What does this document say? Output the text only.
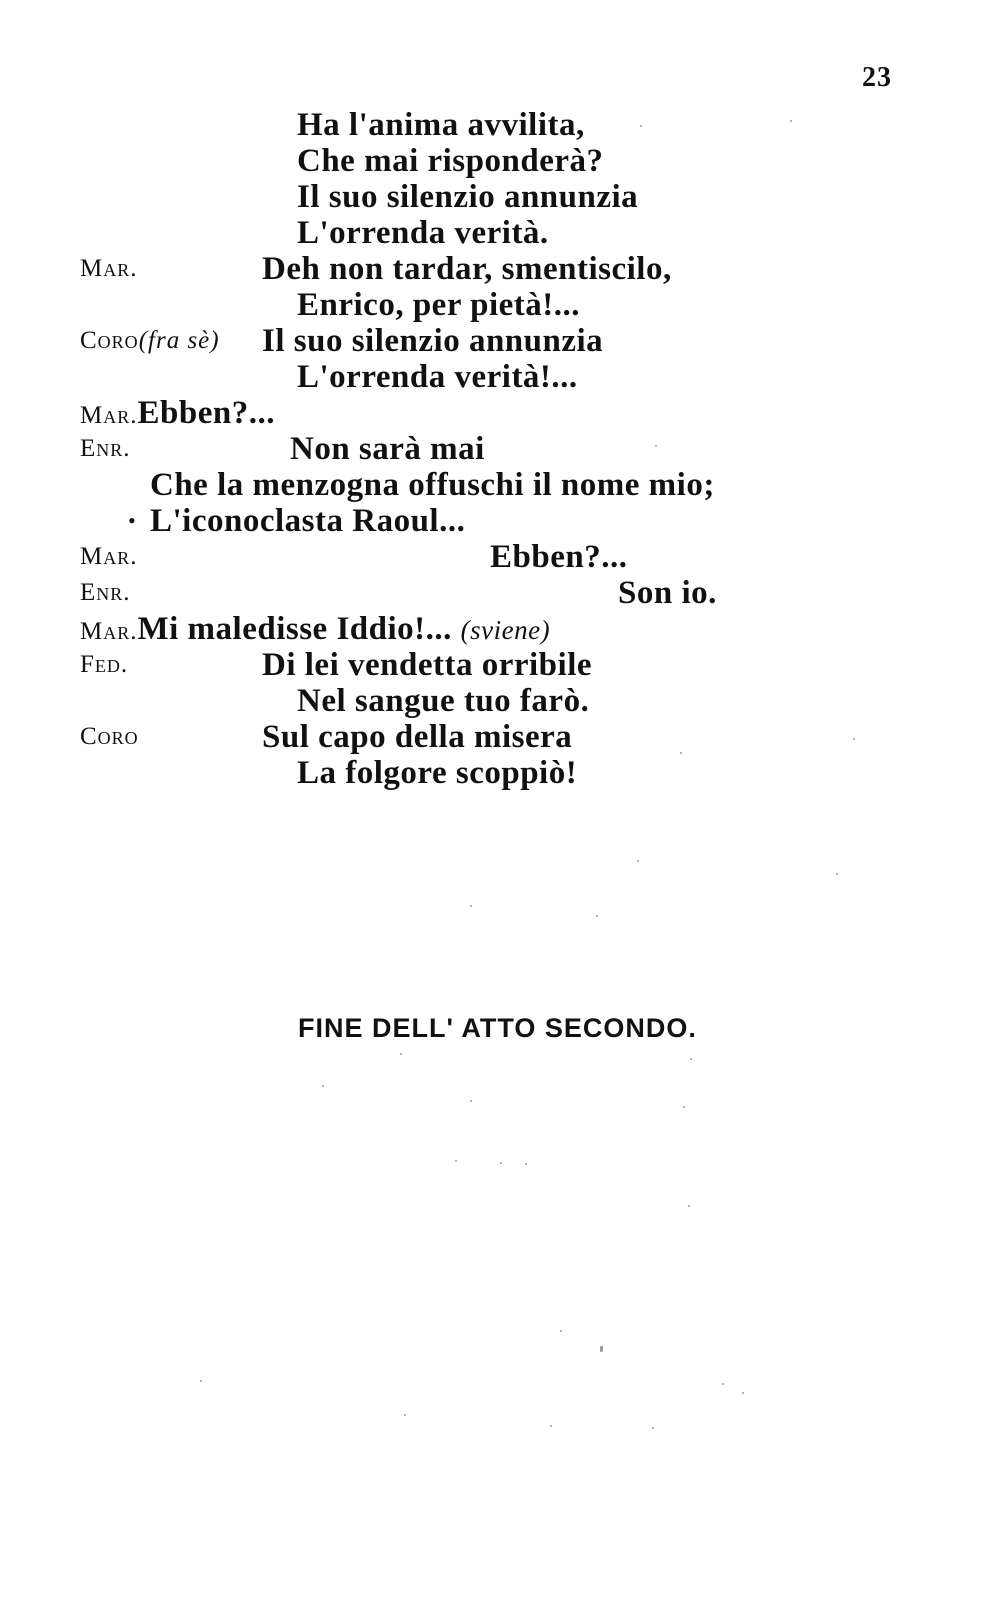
23
Ha l'anima avvilita,
Che mai risponderà?
Il suo silenzio annunzia
L'orrenda verità.
Mar.	Deh non tardar, smentiscilo,
Enrico, per pietà!...
Coro(fra sè) Il suo silenzio annunzia
L'orrenda verità!...
Mar.Ebben?...
Enr.	Non sarà mai
Che la menzogna offuschi il nome mio;
• L'iconoclasta Raoul...
Mar.	Ebben?...
Enr.	Son io.
Mar.Mi maledisse Iddio!... (sviene)
Fed.	Di lei vendetta orribile
Nel sangue tuo farò.
Coro	Sul capo della misera
La folgore scoppiò!
FINE DELL' ATTO SECONDO.
